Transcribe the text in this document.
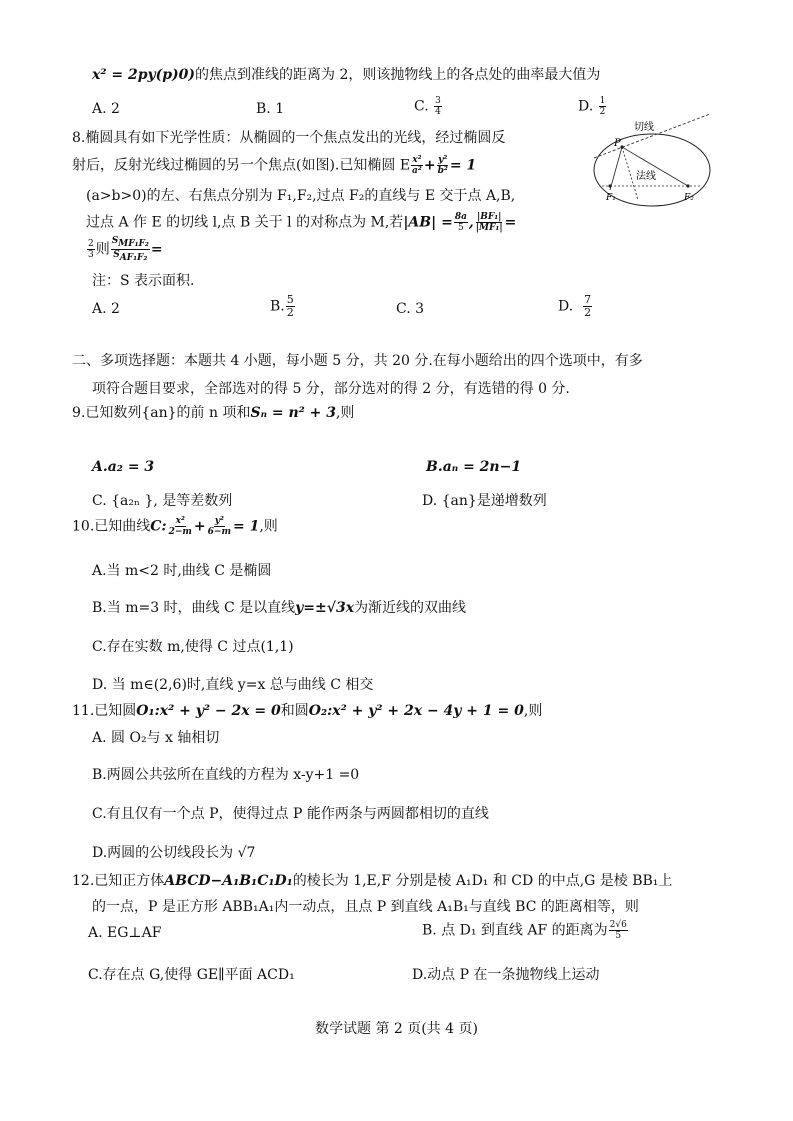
x² = 2py(p)0)的焦点到准线的距离为 2，则该抛物线上的各点处的曲率最大值为
A. 2	B. 1	C. $\frac{3}{4}$	D. $\frac{1}{2}$
8.椭圆具有如下光学性质：从椭圆的一个焦点发出的光线，经过椭圆反
射后，反射光线过椭圆的另一个焦点(如图).已知椭圆 E $\frac{\text{x²}}{\text{a²}} + \frac{\text{y²}}{\text{b²}} = 1$
(a>b>0)的左、右焦点分别为 F₁,F₂,过点 F₂的直线与 E 交于点 A,B,
过点 A 作 E 的切线 l,点 B 关于 l 的对称点为 M,若$|AB| = \frac{8a}{5}$ , $\frac{\text{|BF₁|}}{\text{|MF₁|}}$ =
$\frac{2}{3}$ 则 $\frac{\text{SMF₁F₂}}{\text{SAF₁F₂}}$ =
注：S 表示面积.
A. 2	B. $\frac{5}{2}$	C. 3	D. $\frac{7}{2}$
切线
法线
P
F₁	F₂
二、多项选择题：本题共 4 小题，每小题 5 分，共 20 分.在每小题给出的四个选项中，有多
项符合题目要求，全部选对的得 5 分，部分选对的得 2 分，有选错的得 0 分.
9.已知数列{an}的前 n 项和Sₙ = n² + 3,则
A.a₂ = 3	B.aₙ = 2n−1
C. {a₂ₙ }, 是等差数列	D. {an}是递增数列
10.已知曲线C: $\frac{\text{x²}}{2-m} + \frac{\text{y²}}{6-m} = 1$,则
A.当 m<2 时,曲线 C 是椭圆
B.当 m=3 时，曲线 C 是以直线y=±√3x为渐近线的双曲线
C.存在实数 m,使得 C 过点(1,1)
D. 当 m∈(2,6)时,直线 y=x 总与曲线 C 相交
11.已知圆O₁:x² + y² − 2x = 0和圆O₂:x² + y² + 2x − 4y + 1 = 0,则
A. 圆 O₂与 x 轴相切
B.两圆公共弦所在直线的方程为 x-y+1 =0
C.有且仅有一个点 P，使得过点 P 能作两条与两圆都相切的直线
D.两圆的公切线段长为 √7
12.已知正方体ABCD−A₁B₁C₁D₁的棱长为 1,E,F 分别是棱 A₁D₁ 和 CD 的中点,G 是棱 BB₁上
的一点，P 是正方形 ABB₁A₁内一动点，且点 P 到直线 A₁B₁与直线 BC 的距离相等，则
A. EG⊥AF	B. 点 D₁ 到直线 AF 的距离为 $\frac{2√6}{5}$
C.存在点 G,使得 GE∥平面 ACD₁	D.动点 P 在一条抛物线上运动
数学试题 第 2 页(共 4 页)
